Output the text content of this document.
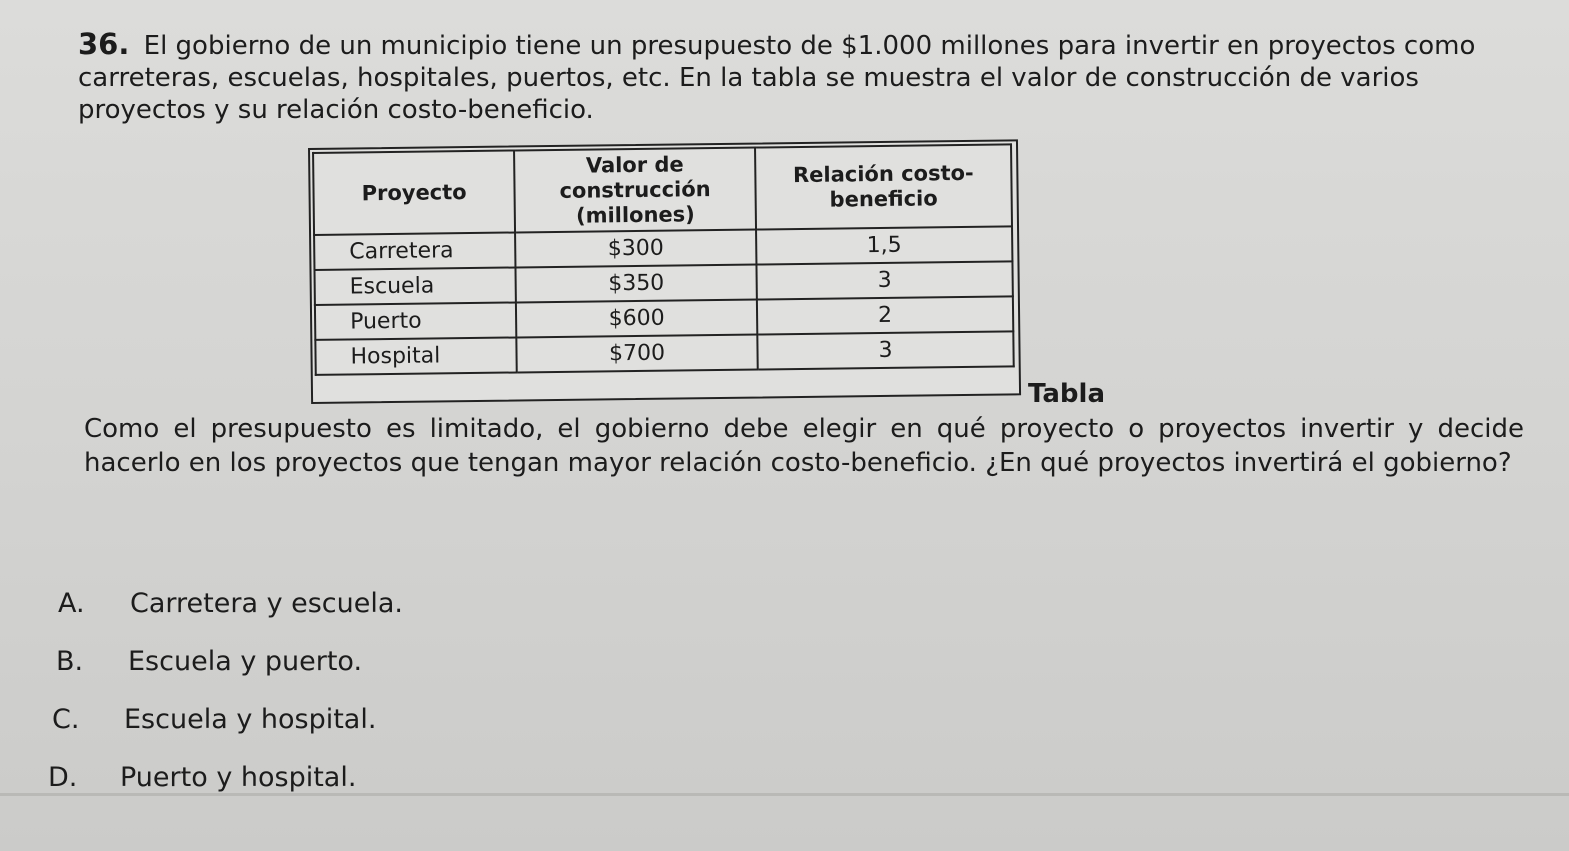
36. El gobierno de un municipio tiene un presupuesto de $1.000 millones para invertir en proyectos como carreteras, escuelas, hospitales, puertos, etc. En la tabla se muestra el valor de construcción de varios proyectos y su relación costo-beneficio.
Proyecto	Valor de construcción (millones)	Relación costo-beneficio
Carretera	$300	1,5
Escuela	$350	3
Puerto	$600	2
Hospital	$700	3
Tabla
Como el presupuesto es limitado, el gobierno debe elegir en qué proyecto o proyectos invertir y decide hacerlo en los proyectos que tengan mayor relación costo-beneficio. ¿En qué proyectos invertirá el gobierno?
A.	Carretera y escuela.
B.	Escuela y puerto.
C.	Escuela y hospital.
D.	Puerto y hospital.
